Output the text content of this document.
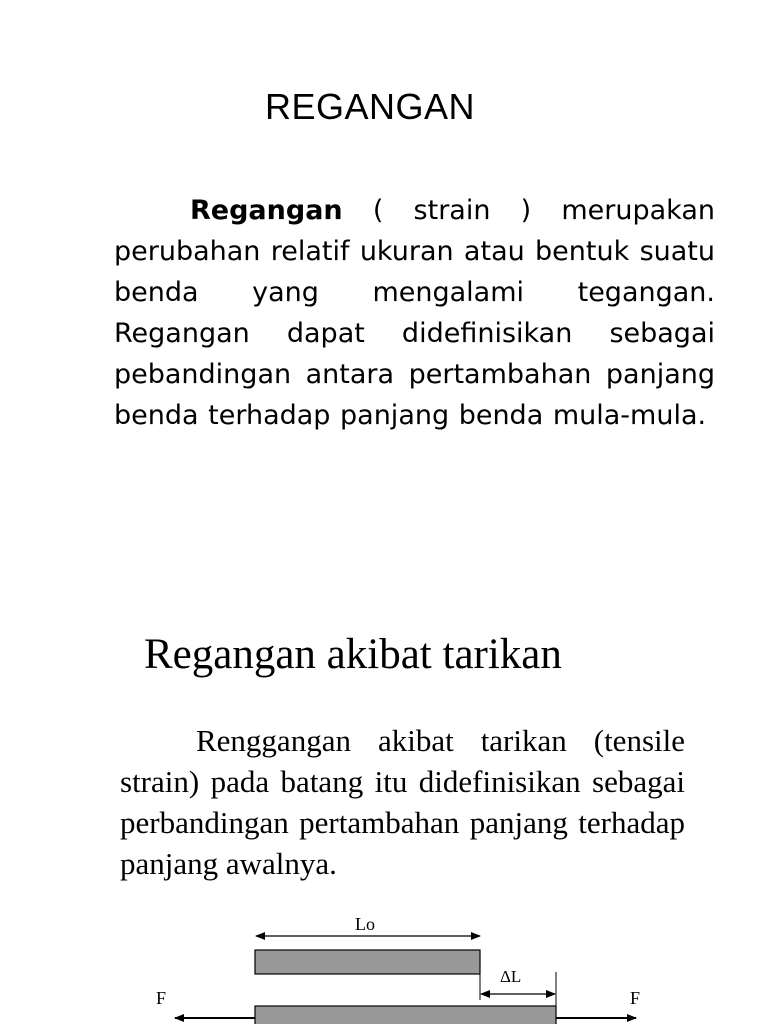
REGANGAN

Regangan ( strain ) merupakan perubahan relatif ukuran atau bentuk suatu benda yang mengalami tegangan. Regangan dapat didefinisikan sebagai pebandingan antara pertambahan panjang benda terhadap panjang benda mula-mula.

Regangan akibat tarikan

Renggangan akibat tarikan (tensile strain) pada batang itu didefinisikan sebagai perbandingan pertambahan panjang terhadap panjang awalnya.

Lo
ΔL
F	F
